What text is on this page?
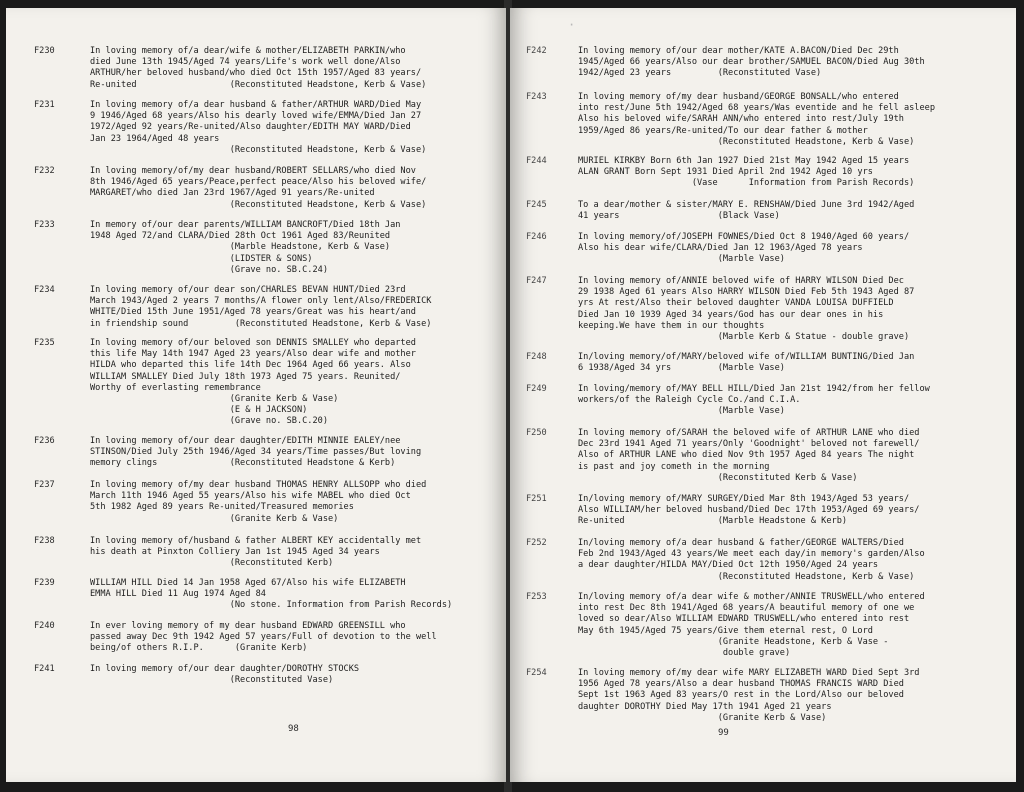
F230	In loving memory of/a dear/wife & mother/ELIZABETH PARKIN/who
died June 13th 1945/Aged 74 years/Life's work well done/Also
ARTHUR/her beloved husband/who died Oct 15th 1957/Aged 83 years/
Re-united                  (Reconstituted Headstone, Kerb & Vase)
F231	In loving memory of/a dear husband & father/ARTHUR WARD/Died May
9 1946/Aged 68 years/Also his dearly loved wife/EMMA/Died Jan 27
1972/Aged 92 years/Re-united/Also daughter/EDITH MAY WARD/Died
Jan 23 1964/Aged 48 years
(Reconstituted Headstone, Kerb & Vase)
F232	In loving memory/of/my dear husband/ROBERT SELLARS/who died Nov
8th 1946/Aged 65 years/Peace,perfect peace/Also his beloved wife/
MARGARET/who died Jan 23rd 1967/Aged 91 years/Re-united
(Reconstituted Headstone, Kerb & Vase)
F233	In memory of/our dear parents/WILLIAM BANCROFT/Died 18th Jan
1948 Aged 72/and CLARA/Died 28th Oct 1961 Aged 83/Reunited
(Marble Headstone, Kerb & Vase)
(LIDSTER & SONS)
(Grave no. SB.C.24)
F234	In loving memory of/our dear son/CHARLES BEVAN HUNT/Died 23rd
March 1943/Aged 2 years 7 months/A flower only lent/Also/FREDERICK
WHITE/Died 15th June 1951/Aged 78 years/Great was his heart/and
in friendship sound         (Reconstituted Headstone, Kerb & Vase)
F235	In loving memory of/our beloved son DENNIS SMALLEY who departed
this life May 14th 1947 Aged 23 years/Also dear wife and mother
HILDA who departed this life 14th Dec 1964 Aged 66 years. Also
WILLIAM SMALLEY Died July 18th 1973 Aged 75 years. Reunited/
Worthy of everlasting remembrance
(Granite Kerb & Vase)
(E & H JACKSON)
(Grave no. SB.C.20)
F236	In loving memory of/our dear daughter/EDITH MINNIE EALEY/nee
STINSON/Died July 25th 1946/Aged 34 years/Time passes/But loving
memory clings              (Reconstituted Headstone & Kerb)
F237	In loving memory of/my dear husband THOMAS HENRY ALLSOPP who died
March 11th 1946 Aged 55 years/Also his wife MABEL who died Oct
5th 1982 Aged 89 years Re-united/Treasured memories
(Granite Kerb & Vase)
F238	In loving memory of/husband & father ALBERT KEY accidentally met
his death at Pinxton Colliery Jan 1st 1945 Aged 34 years
(Reconstituted Kerb)
F239	WILLIAM HILL Died 14 Jan 1958 Aged 67/Also his wife ELIZABETH
EMMA HILL Died 11 Aug 1974 Aged 84
(No stone. Information from Parish Records)
F240	In ever loving memory of my dear husband EDWARD GREENSILL who
passed away Dec 9th 1942 Aged 57 years/Full of devotion to the well
being/of others R.I.P.      (Granite Kerb)
F241	In loving memory of/our dear daughter/DOROTHY STOCKS
(Reconstituted Vase)
98
·
F242	In loving memory of/our dear mother/KATE A.BACON/Died Dec 29th
1945/Aged 66 years/Also our dear brother/SAMUEL BACON/Died Aug 30th
1942/Aged 23 years         (Reconstituted Vase)
F243	In loving memory of/my dear husband/GEORGE BONSALL/who entered
into rest/June 5th 1942/Aged 68 years/Was eventide and he fell asleep
Also his beloved wife/SARAH ANN/who entered into rest/July 19th
1959/Aged 86 years/Re-united/To our dear father & mother
(Reconstituted Headstone, Kerb & Vase)
F244	MURIEL KIRKBY Born 6th Jan 1927 Died 21st May 1942 Aged 15 years
ALAN GRANT Born Sept 1931 Died April 2nd 1942 Aged 10 yrs
(Vase      Information from Parish Records)
F245	To a dear/mother & sister/MARY E. RENSHAW/Died June 3rd 1942/Aged
41 years                   (Black Vase)
F246	In loving memory/of/JOSEPH FOWNES/Died Oct 8 1940/Aged 60 years/
Also his dear wife/CLARA/Died Jan 12 1963/Aged 78 years
(Marble Vase)
F247	In loving memory of/ANNIE beloved wife of HARRY WILSON Died Dec
29 1938 Aged 61 years Also HARRY WILSON Died Feb 5th 1943 Aged 87
yrs At rest/Also their beloved daughter VANDA LOUISA DUFFIELD
Died Jan 10 1939 Aged 34 years/God has our dear ones in his
keeping.We have them in our thoughts
(Marble Kerb & Statue - double grave)
F248	In/loving memory/of/MARY/beloved wife of/WILLIAM BUNTING/Died Jan
6 1938/Aged 34 yrs         (Marble Vase)
F249	In loving/memory of/MAY BELL HILL/Died Jan 21st 1942/from her fellow
workers/of the Raleigh Cycle Co./and C.I.A.
(Marble Vase)
F250	In loving memory of/SARAH the beloved wife of ARTHUR LANE who died
Dec 23rd 1941 Aged 71 years/Only 'Goodnight' beloved not farewell/
Also of ARTHUR LANE who died Nov 9th 1957 Aged 84 years The night
is past and joy cometh in the morning
(Reconstituted Kerb & Vase)
F251	In/loving memory of/MARY SURGEY/Died Mar 8th 1943/Aged 53 years/
Also WILLIAM/her beloved husband/Died Dec 17th 1953/Aged 69 years/
Re-united                  (Marble Headstone & Kerb)
F252	In/loving memory of/a dear husband & father/GEORGE WALTERS/Died
Feb 2nd 1943/Aged 43 years/We meet each day/in memory's garden/Also
a dear daughter/HILDA MAY/Died Oct 12th 1950/Aged 24 years
(Reconstituted Headstone, Kerb & Vase)
F253	In/loving memory of/a dear wife & mother/ANNIE TRUSWELL/who entered
into rest Dec 8th 1941/Aged 68 years/A beautiful memory of one we
loved so dear/Also WILLIAM EDWARD TRUSWELL/who entered into rest
May 6th 1945/Aged 75 years/Give them eternal rest, O Lord
(Granite Headstone, Kerb & Vase -
double grave)
F254	In loving memory of/my dear wife MARY ELIZABETH WARD Died Sept 3rd
1956 Aged 78 years/Also a dear husband THOMAS FRANCIS WARD Died
Sept 1st 1963 Aged 83 years/O rest in the Lord/Also our beloved
daughter DOROTHY Died May 17th 1941 Aged 21 years
(Granite Kerb & Vase)
99
